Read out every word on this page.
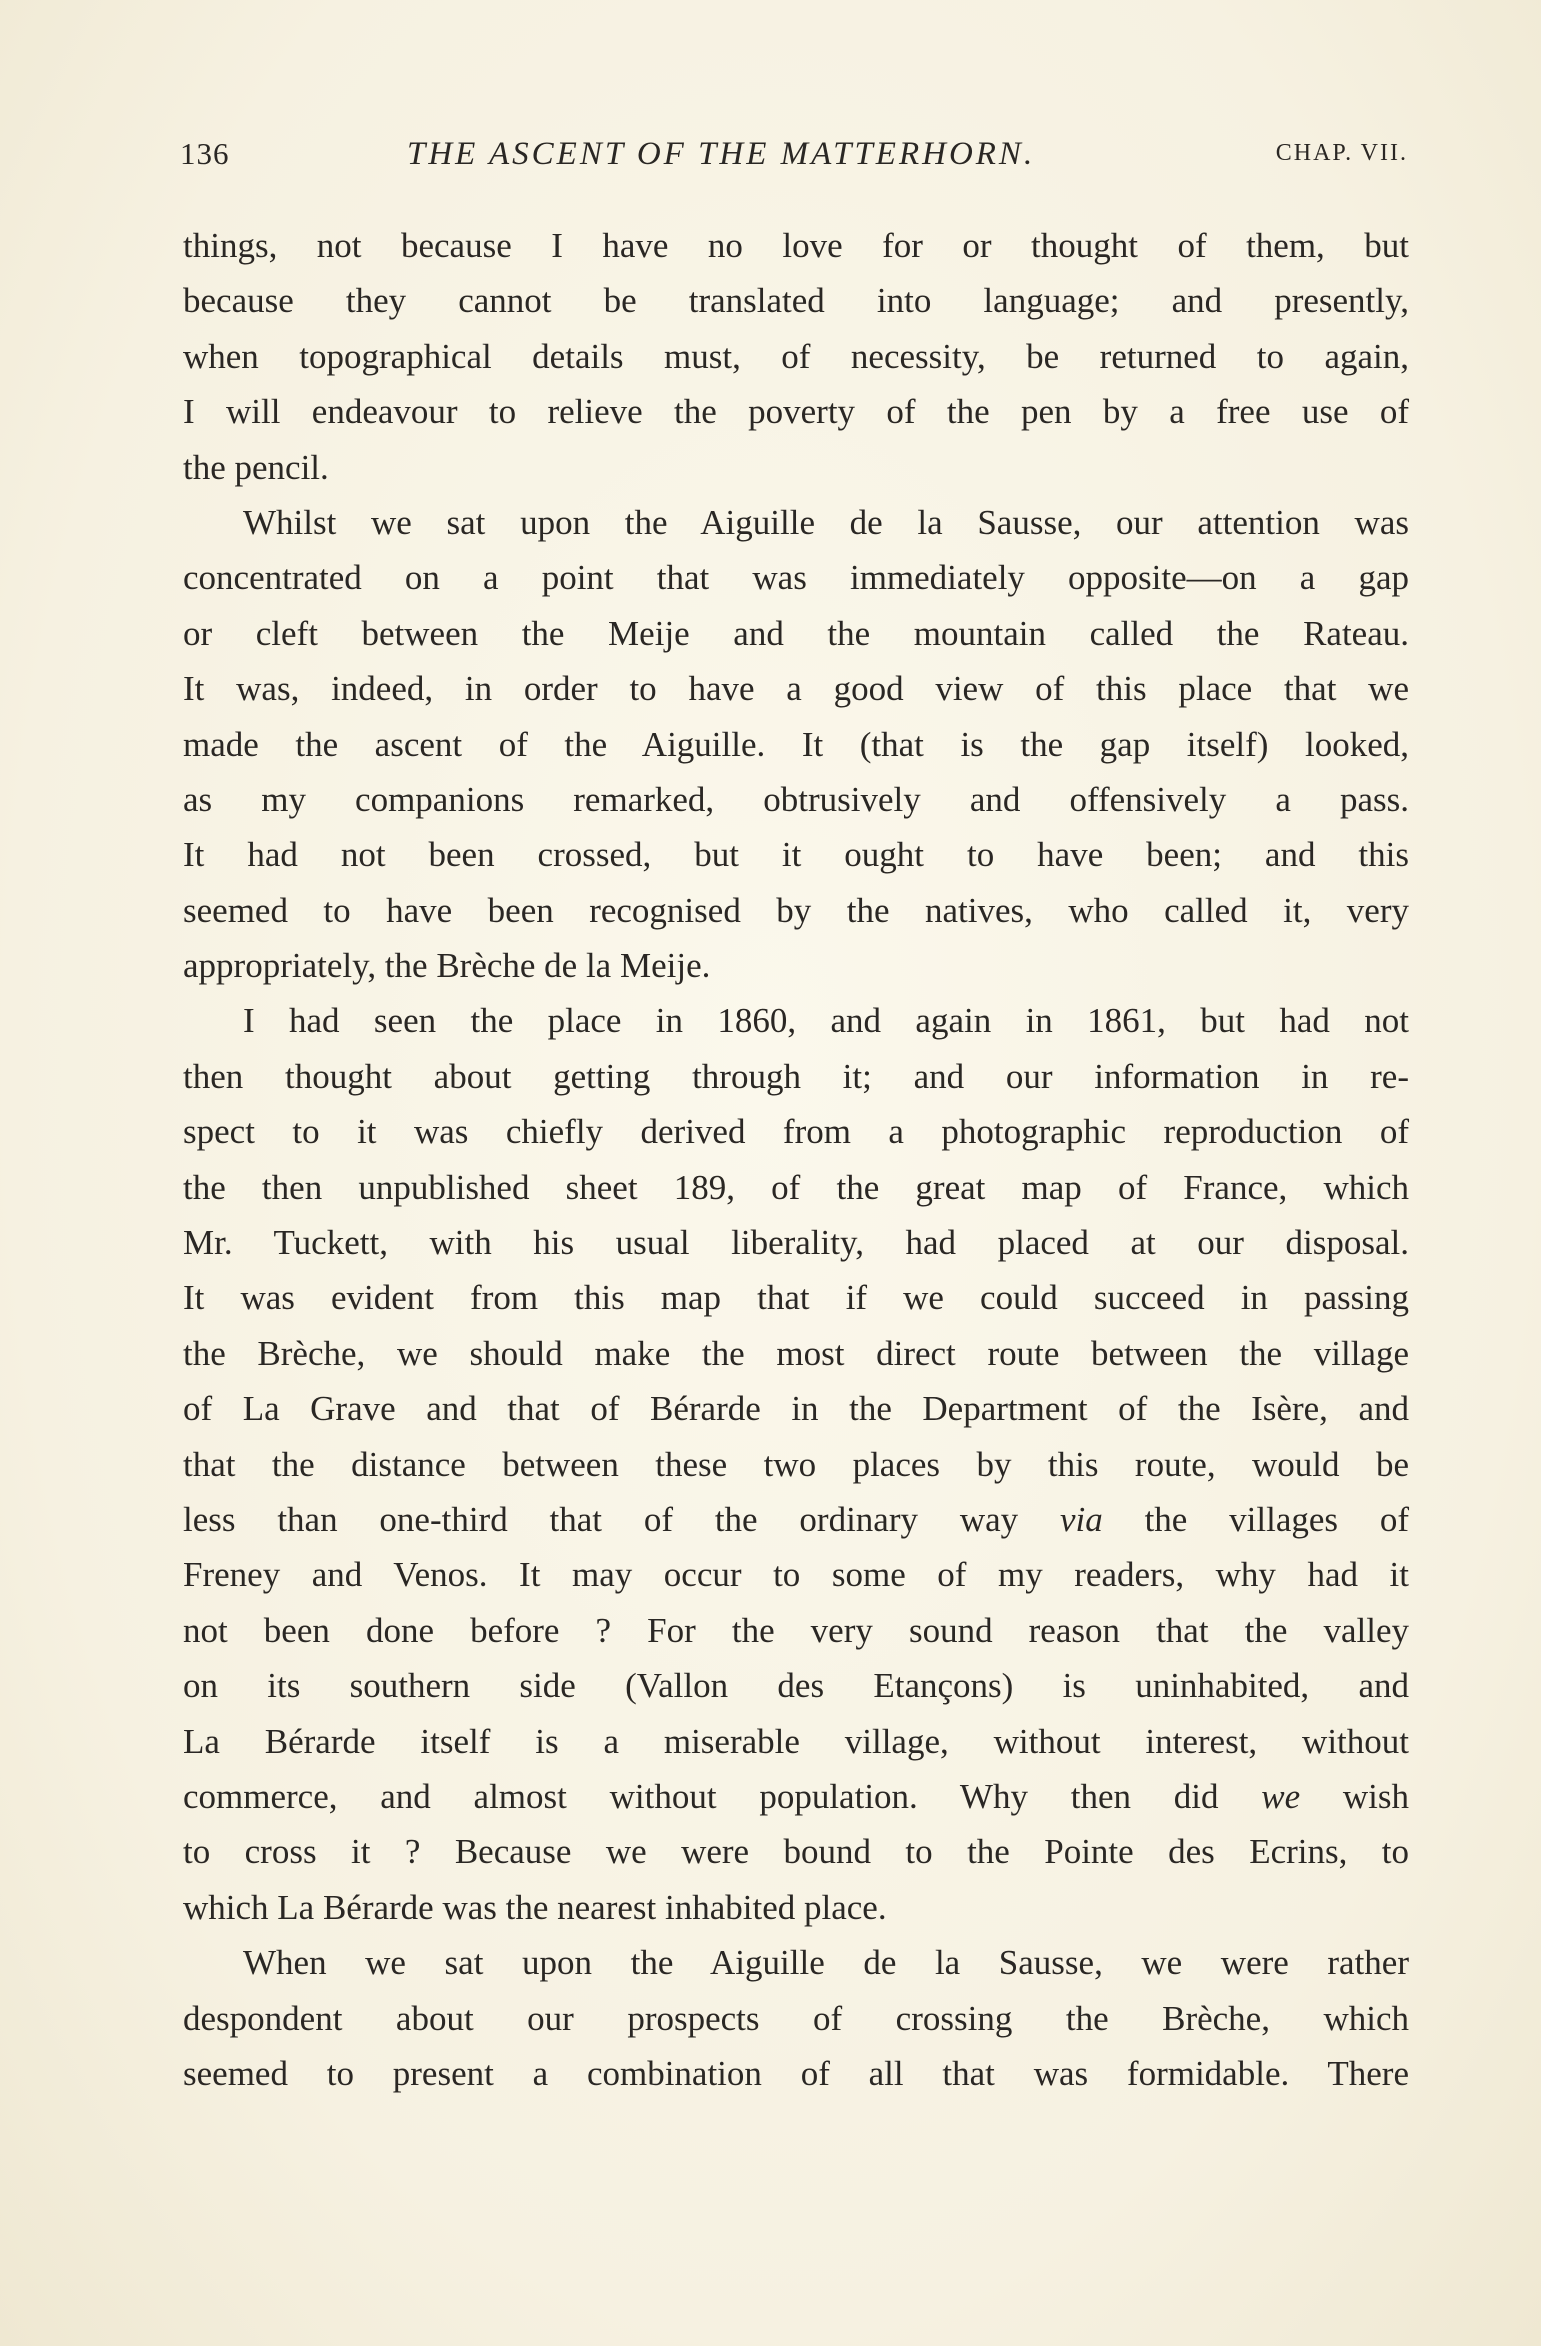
136	THE ASCENT OF THE MATTERHORN.	CHAP. VII.
things, not because I have no love for or thought of them, but
because they cannot be translated into language; and presently,
when topographical details must, of necessity, be returned to again,
I will endeavour to relieve the poverty of the pen by a free use of
the pencil.
Whilst we sat upon the Aiguille de la Sausse, our attention was
concentrated on a point that was immediately opposite—on a gap
or cleft between the Meije and the mountain called the Rateau.
It was, indeed, in order to have a good view of this place that we
made the ascent of the Aiguille. It (that is the gap itself) looked,
as my companions remarked, obtrusively and offensively a pass.
It had not been crossed, but it ought to have been; and this
seemed to have been recognised by the natives, who called it, very
appropriately, the Brèche de la Meije.
I had seen the place in 1860, and again in 1861, but had not
then thought about getting through it; and our information in re-
spect to it was chiefly derived from a photographic reproduction of
the then unpublished sheet 189, of the great map of France, which
Mr. Tuckett, with his usual liberality, had placed at our disposal.
It was evident from this map that if we could succeed in passing
the Brèche, we should make the most direct route between the village
of La Grave and that of Bérarde in the Department of the Isère, and
that the distance between these two places by this route, would be
less than one-third that of the ordinary way via the villages of
Freney and Venos. It may occur to some of my readers, why had it
not been done before ? For the very sound reason that the valley
on its southern side (Vallon des Etançons) is uninhabited, and
La Bérarde itself is a miserable village, without interest, without
commerce, and almost without population. Why then did we wish
to cross it ? Because we were bound to the Pointe des Ecrins, to
which La Bérarde was the nearest inhabited place.
When we sat upon the Aiguille de la Sausse, we were rather
despondent about our prospects of crossing the Brèche, which
seemed to present a combination of all that was formidable. There
